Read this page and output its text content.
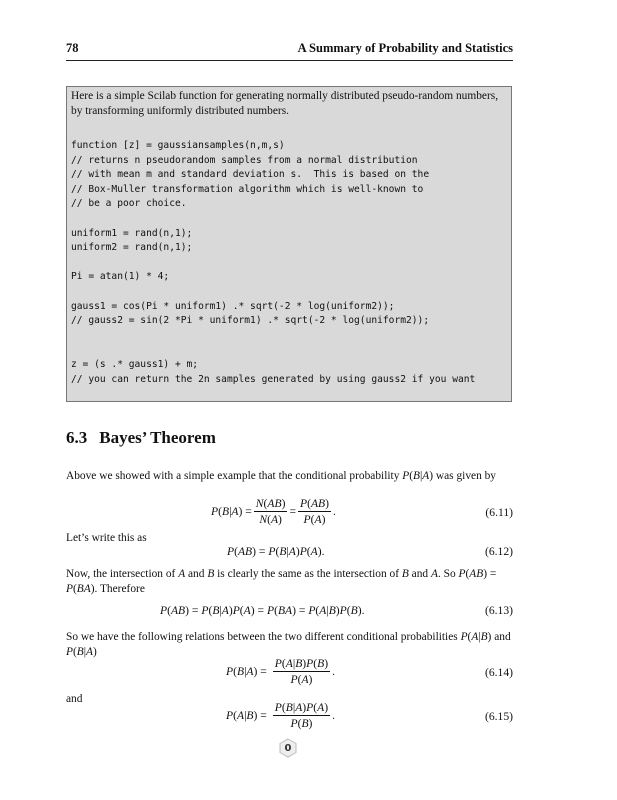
78	A Summary of Probability and Statistics

Here is a simple Scilab function for generating normally distributed pseudo-random numbers, by transforming uniformly distributed numbers.

function [z] = gaussiansamples(n,m,s)
// returns n pseudorandom samples from a normal distribution
// with mean m and standard deviation s.  This is based on the
// Box-Muller transformation algorithm which is well-known to
// be a poor choice.

uniform1 = rand(n,1);
uniform2 = rand(n,1);

Pi = atan(1) * 4;

gauss1 = cos(Pi * uniform1) .* sqrt(-2 * log(uniform2));
// gauss2 = sin(2 *Pi * uniform1) .* sqrt(-2 * log(uniform2));

z = (s .* gauss1) + m;
// you can return the 2n samples generated by using gauss2 if you want
6.3 Bayes’ Theorem

Above we showed with a simple example that the conditional probability P(B|A) was given by

$P(B|A) = \frac{N(AB)}{N(A)} = \frac{P(AB)}{P(A)}$ .	(6.11)

Let’s write this as

P(AB) = P(B|A)P(A).	(6.12)

Now, the intersection of A and B is clearly the same as the intersection of B and A. So P(AB) = P(BA). Therefore

P(AB) = P(B|A)P(A) = P(BA) = P(A|B)P(B).	(6.13)

So we have the following relations between the two different conditional probabilities P(A|B) and P(B|A)

$P(B|A) = \frac{P(A|B)P(B)}{P(A)}$ .	(6.14)

and

$P(A|B) = \frac{P(B|A)P(A)}{P(B)}$ .	(6.15)
0
